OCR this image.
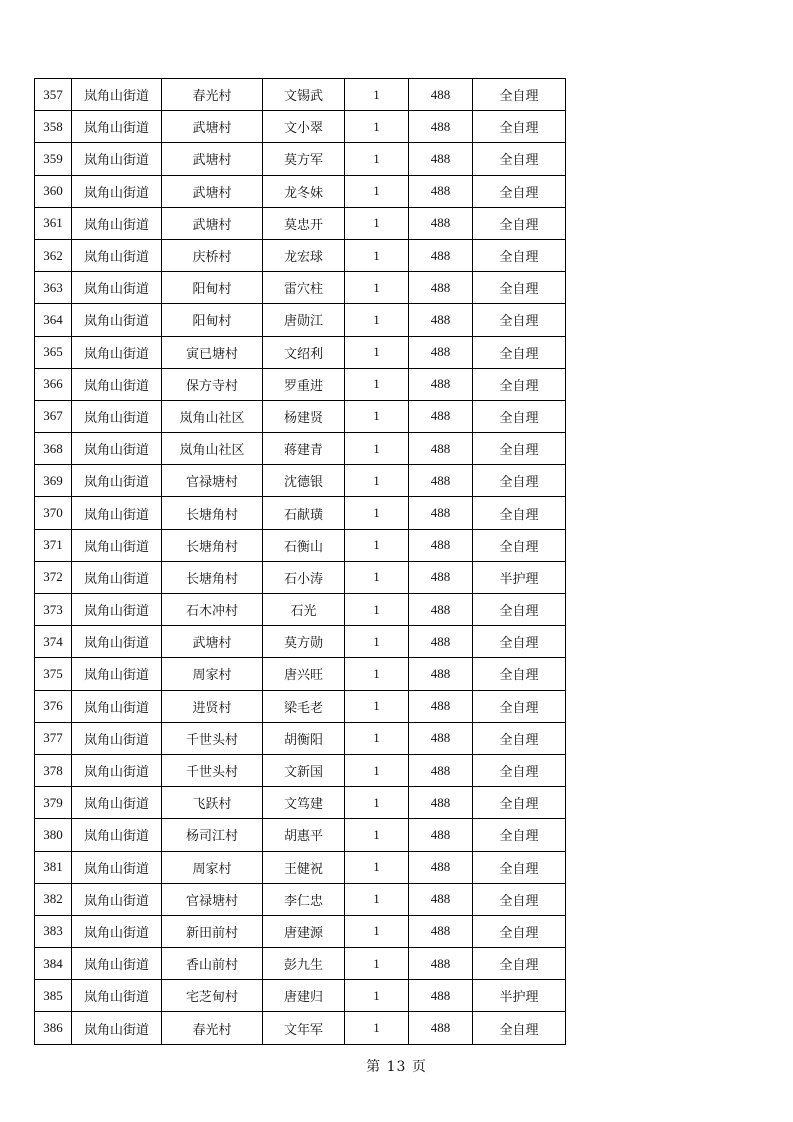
357	岚角山街道	春光村	文锡武	1	488	全自理
358	岚角山街道	武塘村	文小翠	1	488	全自理
359	岚角山街道	武塘村	莫方军	1	488	全自理
360	岚角山街道	武塘村	龙冬妹	1	488	全自理
361	岚角山街道	武塘村	莫忠开	1	488	全自理
362	岚角山街道	庆桥村	龙宏球	1	488	全自理
363	岚角山街道	阳甸村	雷穴柱	1	488	全自理
364	岚角山街道	阳甸村	唐勋江	1	488	全自理
365	岚角山街道	寅已塘村	文绍利	1	488	全自理
366	岚角山街道	保方寺村	罗重进	1	488	全自理
367	岚角山街道	岚角山社区	杨建贤	1	488	全自理
368	岚角山街道	岚角山社区	蒋建青	1	488	全自理
369	岚角山街道	官禄塘村	沈德银	1	488	全自理
370	岚角山街道	长塘角村	石献璜	1	488	全自理
371	岚角山街道	长塘角村	石衡山	1	488	全自理
372	岚角山街道	长塘角村	石小涛	1	488	半护理
373	岚角山街道	石木冲村	石光	1	488	全自理
374	岚角山街道	武塘村	莫方勋	1	488	全自理
375	岚角山街道	周家村	唐兴旺	1	488	全自理
376	岚角山街道	进贤村	梁毛老	1	488	全自理
377	岚角山街道	千世头村	胡衡阳	1	488	全自理
378	岚角山街道	千世头村	文新国	1	488	全自理
379	岚角山街道	飞跃村	文笃建	1	488	全自理
380	岚角山街道	杨司江村	胡惠平	1	488	全自理
381	岚角山街道	周家村	王健祝	1	488	全自理
382	岚角山街道	官禄塘村	李仁忠	1	488	全自理
383	岚角山街道	新田前村	唐建源	1	488	全自理
384	岚角山街道	香山前村	彭九生	1	488	全自理
385	岚角山街道	宅芝甸村	唐建归	1	488	半护理
386	岚角山街道	春光村	文年军	1	488	全自理
第 13 页
